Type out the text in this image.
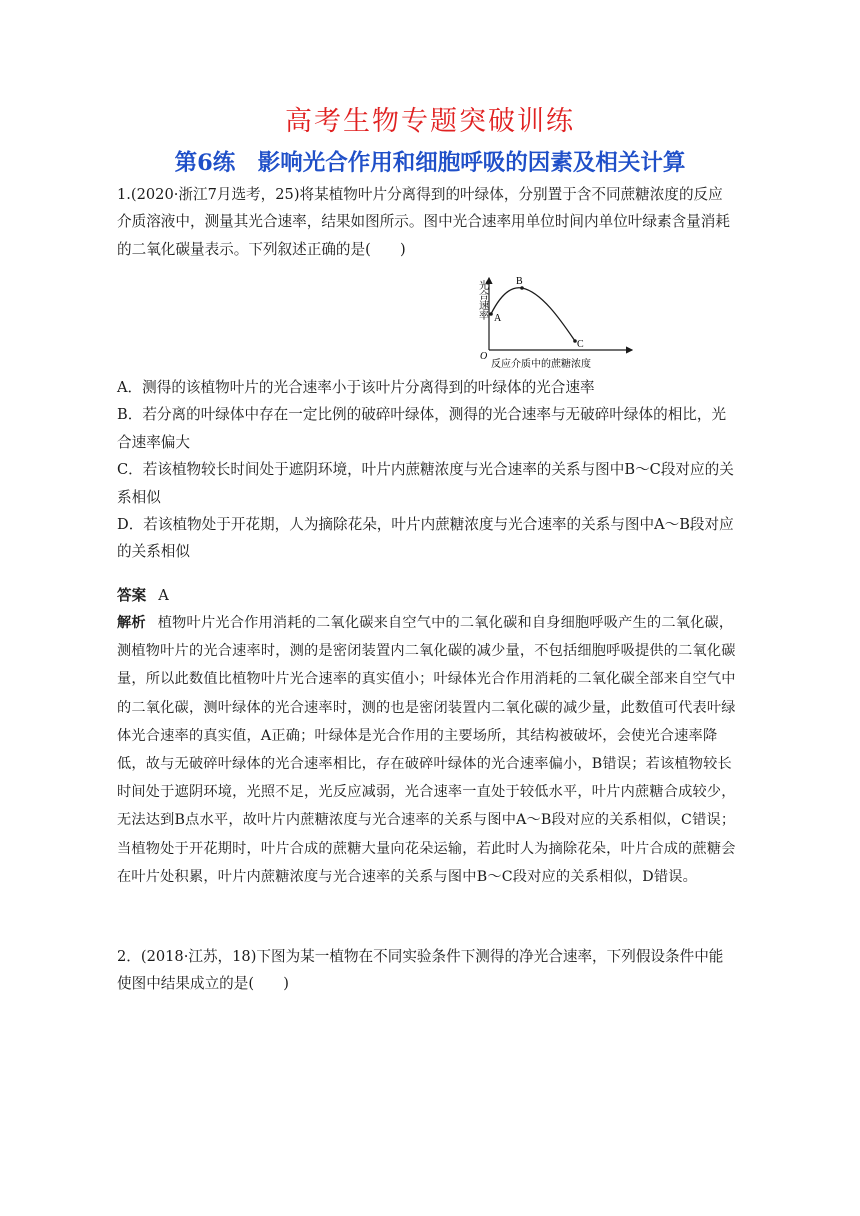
高考生物专题突破训练
第6练　影响光合作用和细胞呼吸的因素及相关计算
1.(2020·浙江7月选考，25)将某植物叶片分离得到的叶绿体，分别置于含不同蔗糖浓度的反应介质溶液中，测量其光合速率，结果如图所示。图中光合速率用单位时间内单位叶绿素含量消耗的二氧化碳量表示。下列叙述正确的是(　　)
A
B
C
O
光合速率
反应介质中的蔗糖浓度

A．测得的该植物叶片的光合速率小于该叶片分离得到的叶绿体的光合速率

B．若分离的叶绿体中存在一定比例的破碎叶绿体，测得的光合速率与无破碎叶绿体的相比，光合速率偏大

C．若该植物较长时间处于遮阴环境，叶片内蔗糖浓度与光合速率的关系与图中B～C段对应的关系相似

D．若该植物处于开花期，人为摘除花朵，叶片内蔗糖浓度与光合速率的关系与图中A～B段对应的关系相似

答案 A
解析 植物叶片光合作用消耗的二氧化碳来自空气中的二氧化碳和自身细胞呼吸产生的二氧化碳，测植物叶片的光合速率时，测的是密闭装置内二氧化碳的减少量，不包括细胞呼吸提供的二氧化碳量，所以此数值比植物叶片光合速率的真实值小；叶绿体光合作用消耗的二氧化碳全部来自空气中的二氧化碳，测叶绿体的光合速率时，测的也是密闭装置内二氧化碳的减少量，此数值可代表叶绿体光合速率的真实值，A正确；叶绿体是光合作用的主要场所，其结构被破坏，会使光合速率降低，故与无破碎叶绿体的光合速率相比，存在破碎叶绿体的光合速率偏小，B错误；若该植物较长时间处于遮阴环境，光照不足，光反应减弱，光合速率一直处于较低水平，叶片内蔗糖合成较少，无法达到B点水平，故叶片内蔗糖浓度与光合速率的关系与图中A～B段对应的关系相似，C错误；当植物处于开花期时，叶片合成的蔗糖大量向花朵运输，若此时人为摘除花朵，叶片合成的蔗糖会在叶片处积累，叶片内蔗糖浓度与光合速率的关系与图中B～C段对应的关系相似，D错误。
2．(2018·江苏，18)下图为某一植物在不同实验条件下测得的净光合速率，下列假设条件中能使图中结果成立的是(　　)
